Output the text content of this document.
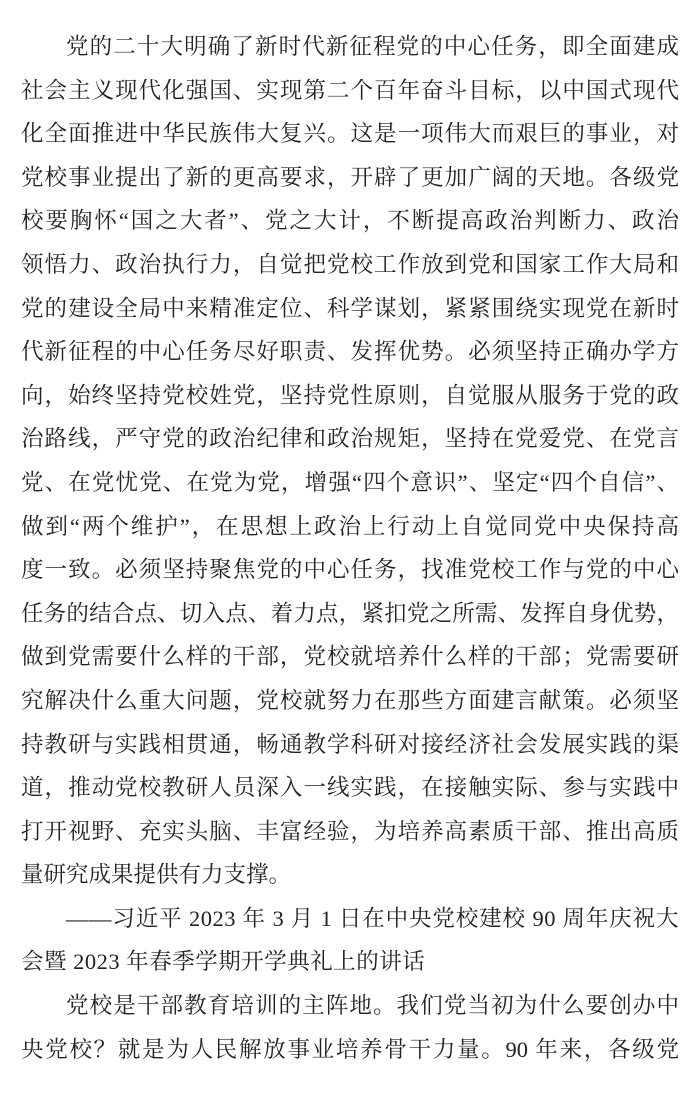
党的二十大明确了新时代新征程党的中心任务，即全面建成
社会主义现代化强国、实现第二个百年奋斗目标，以中国式现代
化全面推进中华民族伟大复兴。这是一项伟大而艰巨的事业，对
党校事业提出了新的更高要求，开辟了更加广阔的天地。各级党
校要胸怀“国之大者”、党之大计，不断提高政治判断力、政治
领悟力、政治执行力，自觉把党校工作放到党和国家工作大局和
党的建设全局中来精准定位、科学谋划，紧紧围绕实现党在新时
代新征程的中心任务尽好职责、发挥优势。必须坚持正确办学方
向，始终坚持党校姓党，坚持党性原则，自觉服从服务于党的政
治路线，严守党的政治纪律和政治规矩，坚持在党爱党、在党言
党、在党忧党、在党为党，增强“四个意识”、坚定“四个自信”、
做到“两个维护”，在思想上政治上行动上自觉同党中央保持高
度一致。必须坚持聚焦党的中心任务，找准党校工作与党的中心
任务的结合点、切入点、着力点，紧扣党之所需、发挥自身优势，
做到党需要什么样的干部，党校就培养什么样的干部；党需要研
究解决什么重大问题，党校就努力在那些方面建言献策。必须坚
持教研与实践相贯通，畅通教学科研对接经济社会发展实践的渠
道，推动党校教研人员深入一线实践，在接触实际、参与实践中
打开视野、充实头脑、丰富经验，为培养高素质干部、推出高质
量研究成果提供有力支撑。
——习近平 2023 年 3 月 1 日在中央党校建校 90 周年庆祝大
会暨 2023 年春季学期开学典礼上的讲话
党校是干部教育培训的主阵地。我们党当初为什么要创办中
央党校？就是为人民解放事业培养骨干力量。90 年来，各级党
